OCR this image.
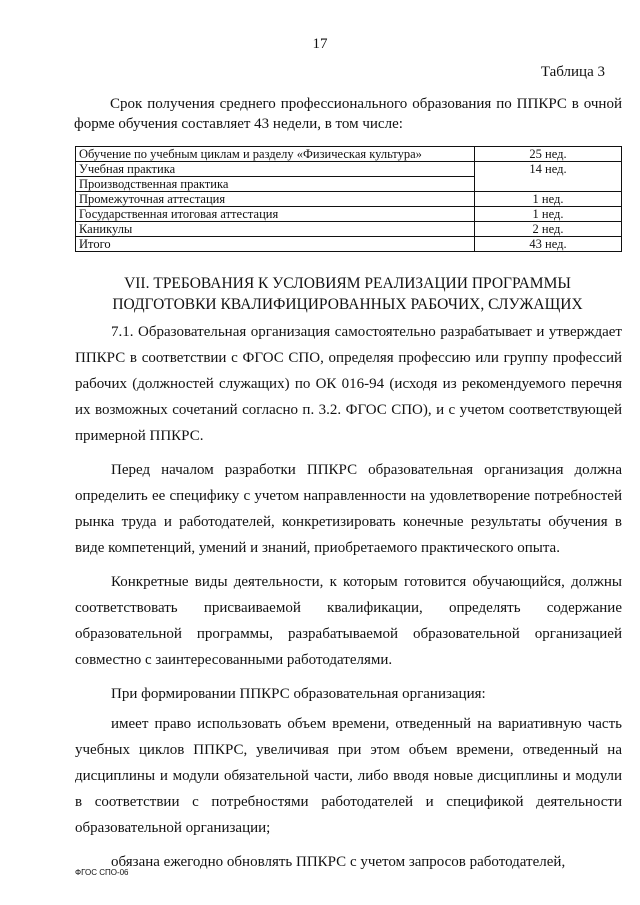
17
Таблица 3

Срок получения среднего профессионального образования по ППКРС в очной форме обучения составляет 43 недели, в том числе:

Обучение по учебным циклам и разделу «Физическая культура»	25 нед.
Учебная практика	14 нед.
Производственная практика	
Промежуточная аттестация	1 нед.
Государственная итоговая аттестация	1 нед.
Каникулы	2 нед.
Итого	43 нед.
VII. ТРЕБОВАНИЯ К УСЛОВИЯМ РЕАЛИЗАЦИИ ПРОГРАММЫ
ПОДГОТОВКИ КВАЛИФИЦИРОВАННЫХ РАБОЧИХ, СЛУЖАЩИХ

7.1. Образовательная организация самостоятельно разрабатывает и утверждает ППКРС в соответствии с ФГОС СПО, определяя профессию или группу профессий рабочих (должностей служащих) по ОК 016-94 (исходя из рекомендуемого перечня их возможных сочетаний согласно п. 3.2. ФГОС СПО), и с учетом соответствующей примерной ППКРС.

Перед началом разработки ППКРС образовательная организация должна определить ее специфику с учетом направленности на удовлетворение потребностей рынка труда и работодателей, конкретизировать конечные результаты обучения в виде компетенций, умений и знаний, приобретаемого практического опыта.

Конкретные виды деятельности, к которым готовится обучающийся, должны соответствовать присваиваемой квалификации, определять содержание образовательной программы, разрабатываемой образовательной организацией совместно с заинтересованными работодателями.

При формировании ППКРС образовательная организация:

имеет право использовать объем времени, отведенный на вариативную часть учебных циклов ППКРС, увеличивая при этом объем времени, отведенный на дисциплины и модули обязательной части, либо вводя новые дисциплины и модули в соответствии с потребностями работодателей и спецификой деятельности образовательной организации;

обязана ежегодно обновлять ППКРС с учетом запросов работодателей,

ФГОС СПО-06
